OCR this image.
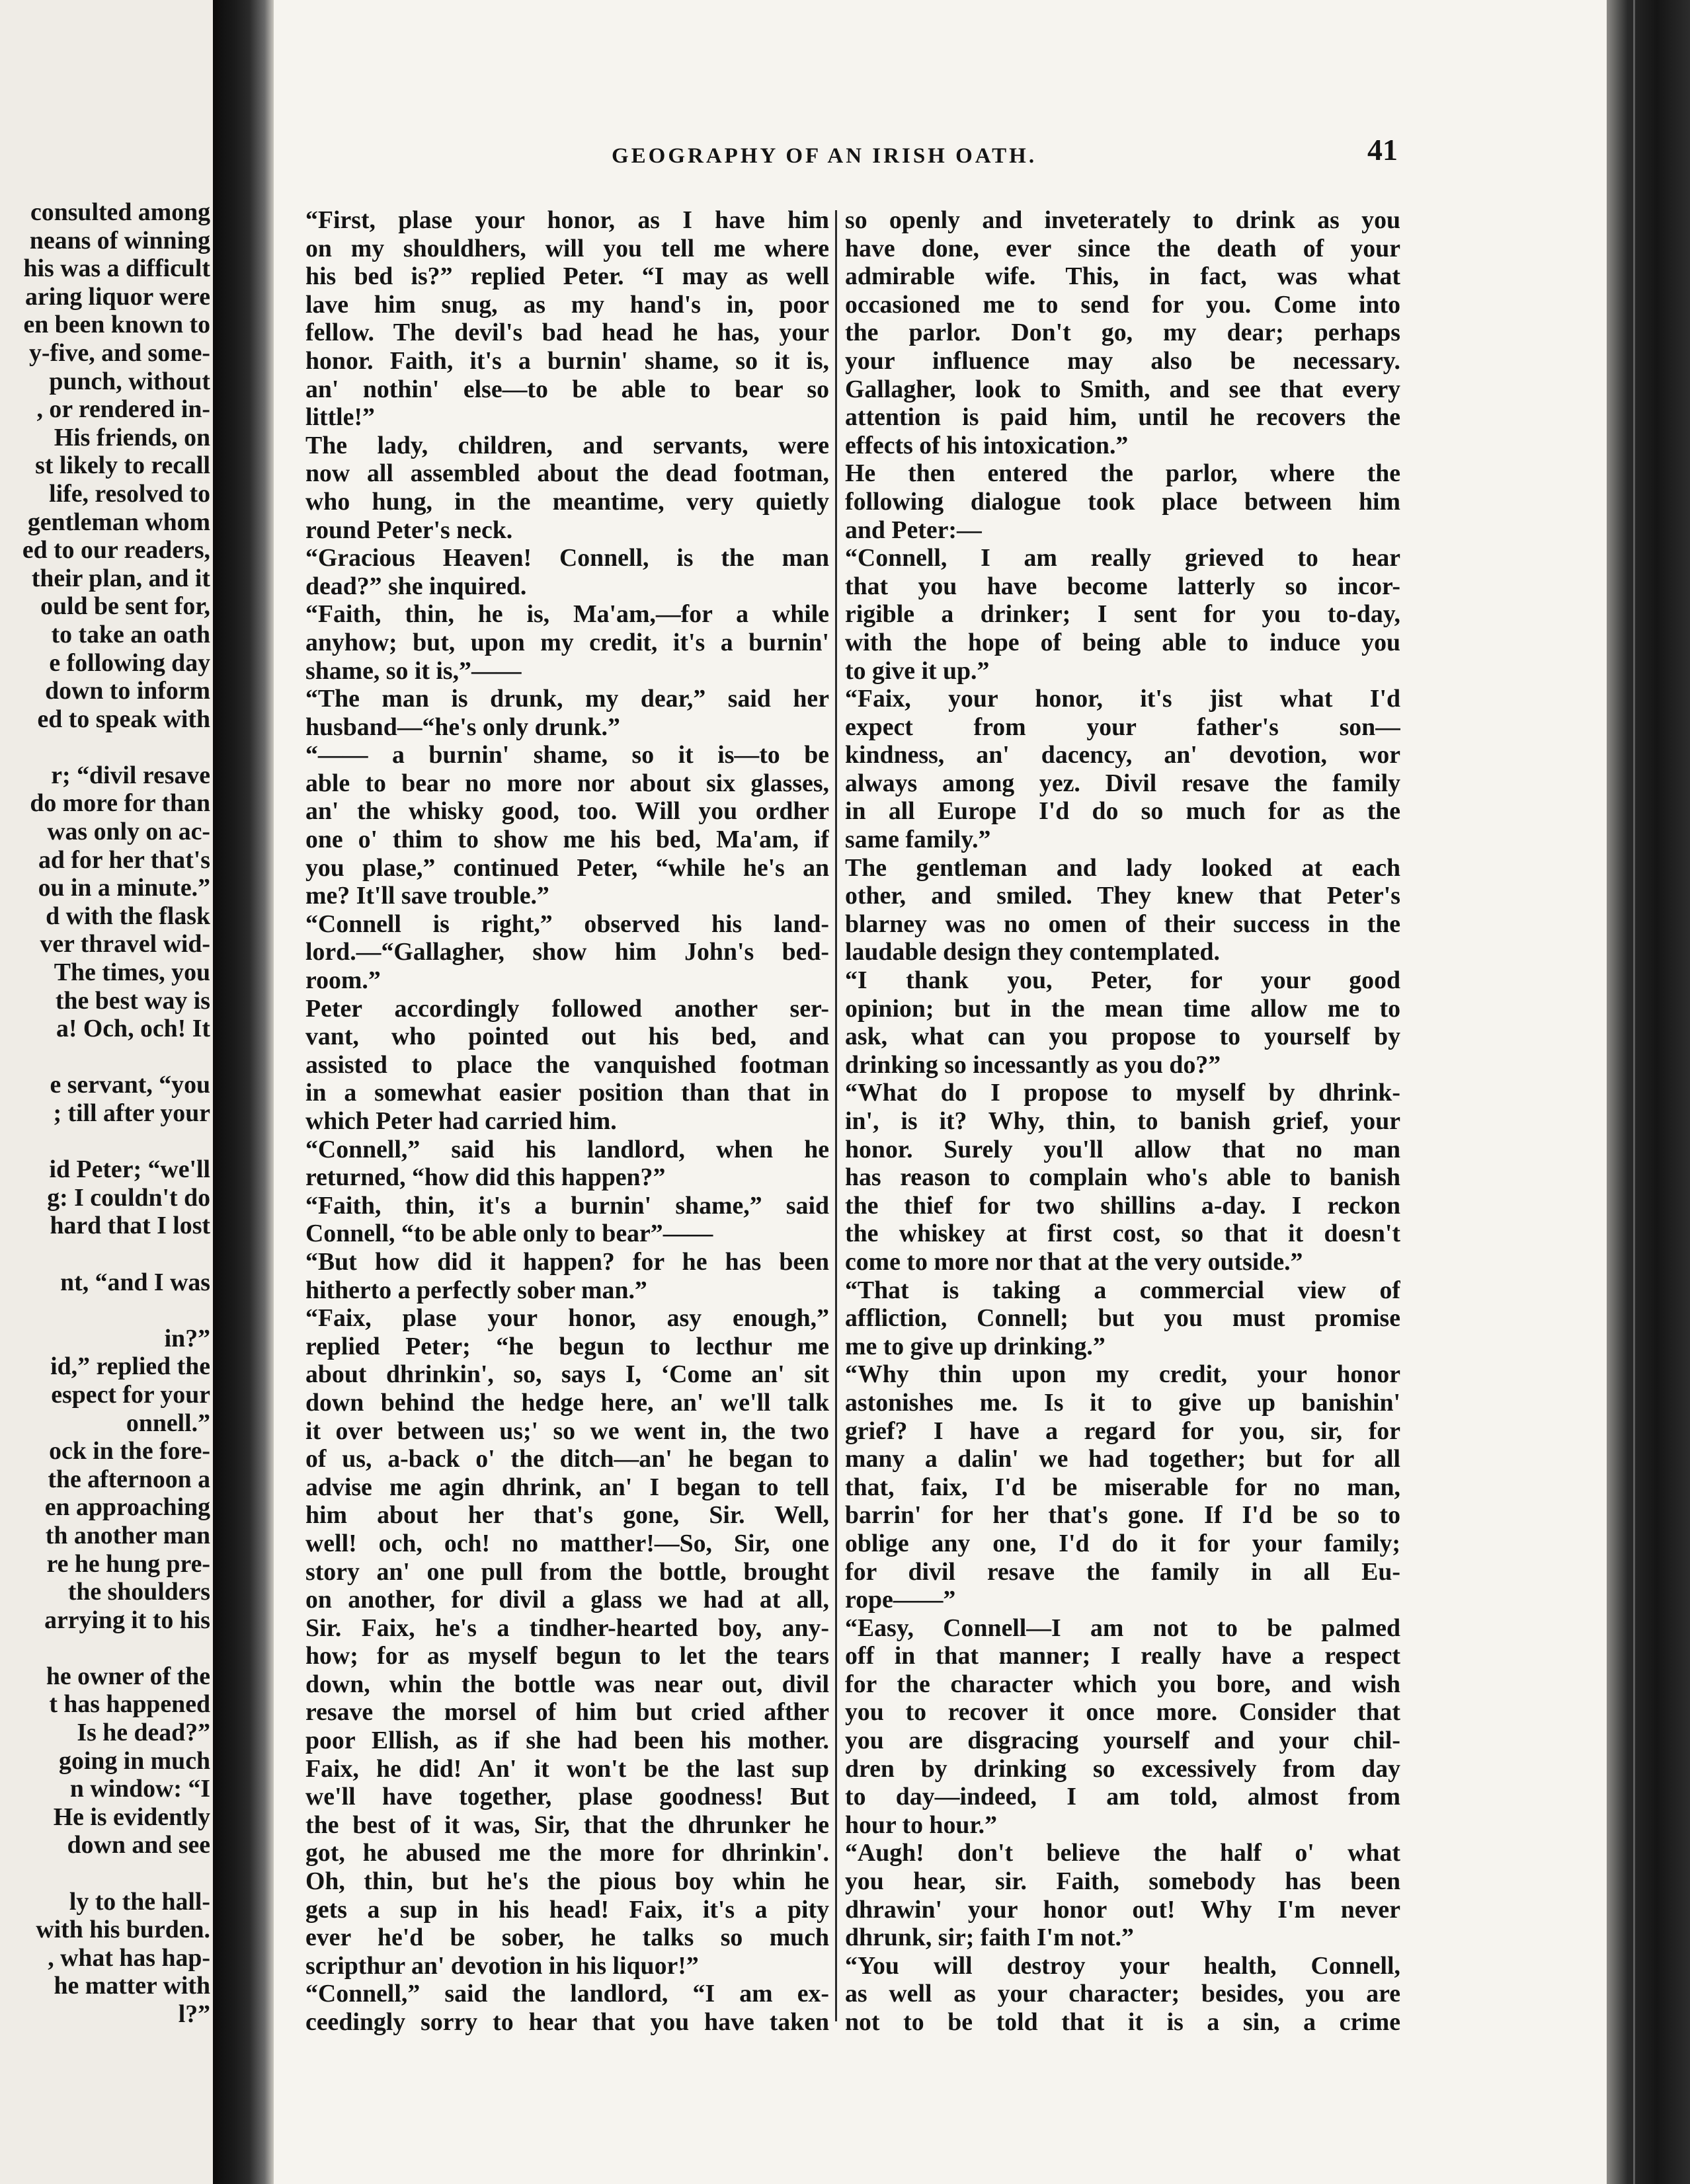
consulted among
neans of winning
his was a difficult
aring liquor were
en been known to
y-five, and some-
punch, without
, or rendered in-
His friends, on
st likely to recall
life, resolved to
gentleman whom
ed to our readers,
their plan, and it
ould be sent for,
to take an oath
e following day
down to inform
ed to speak with
r; “divil resave
do more for than
was only on ac-
ad for her that's
ou in a minute.”
d with the flask
ver thravel wid-
The times, you
the best way is
a! Och, och! It
e servant, “you
; till after your
id Peter; “we'll
g: I couldn't do
hard that I lost
nt, “and I was
in?”
id,” replied the
espect for your
onnell.”
ock in the fore-
the afternoon a
en approaching
th another man
re he hung pre-
the shoulders
arrying it to his
he owner of the
t has happened
Is he dead?”
going in much
n window: “I
He is evidently
down and see
ly to the hall-
with his burden.
, what has hap-
he matter with
l?”
GEOGRAPHY OF AN IRISH OATH.	41
“First, plase your honor, as I have him
on my shouldhers, will you tell me where
his bed is?” replied Peter. “I may as well
lave him snug, as my hand's in, poor
fellow. The devil's bad head he has, your
honor. Faith, it's a burnin' shame, so it is,
an' nothin' else—to be able to bear so
little!”
The lady, children, and servants, were
now all assembled about the dead footman,
who hung, in the meantime, very quietly
round Peter's neck.
“Gracious Heaven! Connell, is the man
dead?” she inquired.
“Faith, thin, he is, Ma'am,—for a while
anyhow; but, upon my credit, it's a burnin'
shame, so it is,”——
“The man is drunk, my dear,” said her
husband—“he's only drunk.”
“—— a burnin' shame, so it is—to be
able to bear no more nor about six glasses,
an' the whisky good, too. Will you ordher
one o' thim to show me his bed, Ma'am, if
you plase,” continued Peter, “while he's an
me? It'll save trouble.”
“Connell is right,” observed his land-
lord.—“Gallagher, show him John's bed-
room.”
Peter accordingly followed another ser-
vant, who pointed out his bed, and
assisted to place the vanquished footman
in a somewhat easier position than that in
which Peter had carried him.
“Connell,” said his landlord, when he
returned, “how did this happen?”
“Faith, thin, it's a burnin' shame,” said
Connell, “to be able only to bear”——
“But how did it happen? for he has been
hitherto a perfectly sober man.”
“Faix, plase your honor, asy enough,”
replied Peter; “he begun to lecthur me
about dhrinkin', so, says I, ‘Come an' sit
down behind the hedge here, an' we'll talk
it over between us;' so we went in, the two
of us, a-back o' the ditch—an' he began to
advise me agin dhrink, an' I began to tell
him about her that's gone, Sir. Well,
well! och, och! no matther!—So, Sir, one
story an' one pull from the bottle, brought
on another, for divil a glass we had at all,
Sir. Faix, he's a tindher-hearted boy, any-
how; for as myself begun to let the tears
down, whin the bottle was near out, divil
resave the morsel of him but cried afther
poor Ellish, as if she had been his mother.
Faix, he did! An' it won't be the last sup
we'll have together, plase goodness! But
the best of it was, Sir, that the dhrunker he
got, he abused me the more for dhrinkin'.
Oh, thin, but he's the pious boy whin he
gets a sup in his head! Faix, it's a pity
ever he'd be sober, he talks so much
scripthur an' devotion in his liquor!”
“Connell,” said the landlord, “I am ex-
ceedingly sorry to hear that you have taken
so openly and inveterately to drink as you
have done, ever since the death of your
admirable wife. This, in fact, was what
occasioned me to send for you. Come into
the parlor. Don't go, my dear; perhaps
your influence may also be necessary.
Gallagher, look to Smith, and see that every
attention is paid him, until he recovers the
effects of his intoxication.”
He then entered the parlor, where the
following dialogue took place between him
and Peter:—
“Connell, I am really grieved to hear
that you have become latterly so incor-
rigible a drinker; I sent for you to-day,
with the hope of being able to induce you
to give it up.”
“Faix, your honor, it's jist what I'd
expect from your father's son—
kindness, an' dacency, an' devotion, wor
always among yez. Divil resave the family
in all Europe I'd do so much for as the
same family.”
The gentleman and lady looked at each
other, and smiled. They knew that Peter's
blarney was no omen of their success in the
laudable design they contemplated.
“I thank you, Peter, for your good
opinion; but in the mean time allow me to
ask, what can you propose to yourself by
drinking so incessantly as you do?”
“What do I propose to myself by dhrink-
in', is it? Why, thin, to banish grief, your
honor. Surely you'll allow that no man
has reason to complain who's able to banish
the thief for two shillins a-day. I reckon
the whiskey at first cost, so that it doesn't
come to more nor that at the very outside.”
“That is taking a commercial view of
affliction, Connell; but you must promise
me to give up drinking.”
“Why thin upon my credit, your honor
astonishes me. Is it to give up banishin'
grief? I have a regard for you, sir, for
many a dalin' we had together; but for all
that, faix, I'd be miserable for no man,
barrin' for her that's gone. If I'd be so to
oblige any one, I'd do it for your family;
for divil resave the family in all Eu-
rope——”
“Easy, Connell—I am not to be palmed
off in that manner; I really have a respect
for the character which you bore, and wish
you to recover it once more. Consider that
you are disgracing yourself and your chil-
dren by drinking so excessively from day
to day—indeed, I am told, almost from
hour to hour.”
“Augh! don't believe the half o' what
you hear, sir. Faith, somebody has been
dhrawin' your honor out! Why I'm never
dhrunk, sir; faith I'm not.”
“You will destroy your health, Connell,
as well as your character; besides, you are
not to be told that it is a sin, a crime
